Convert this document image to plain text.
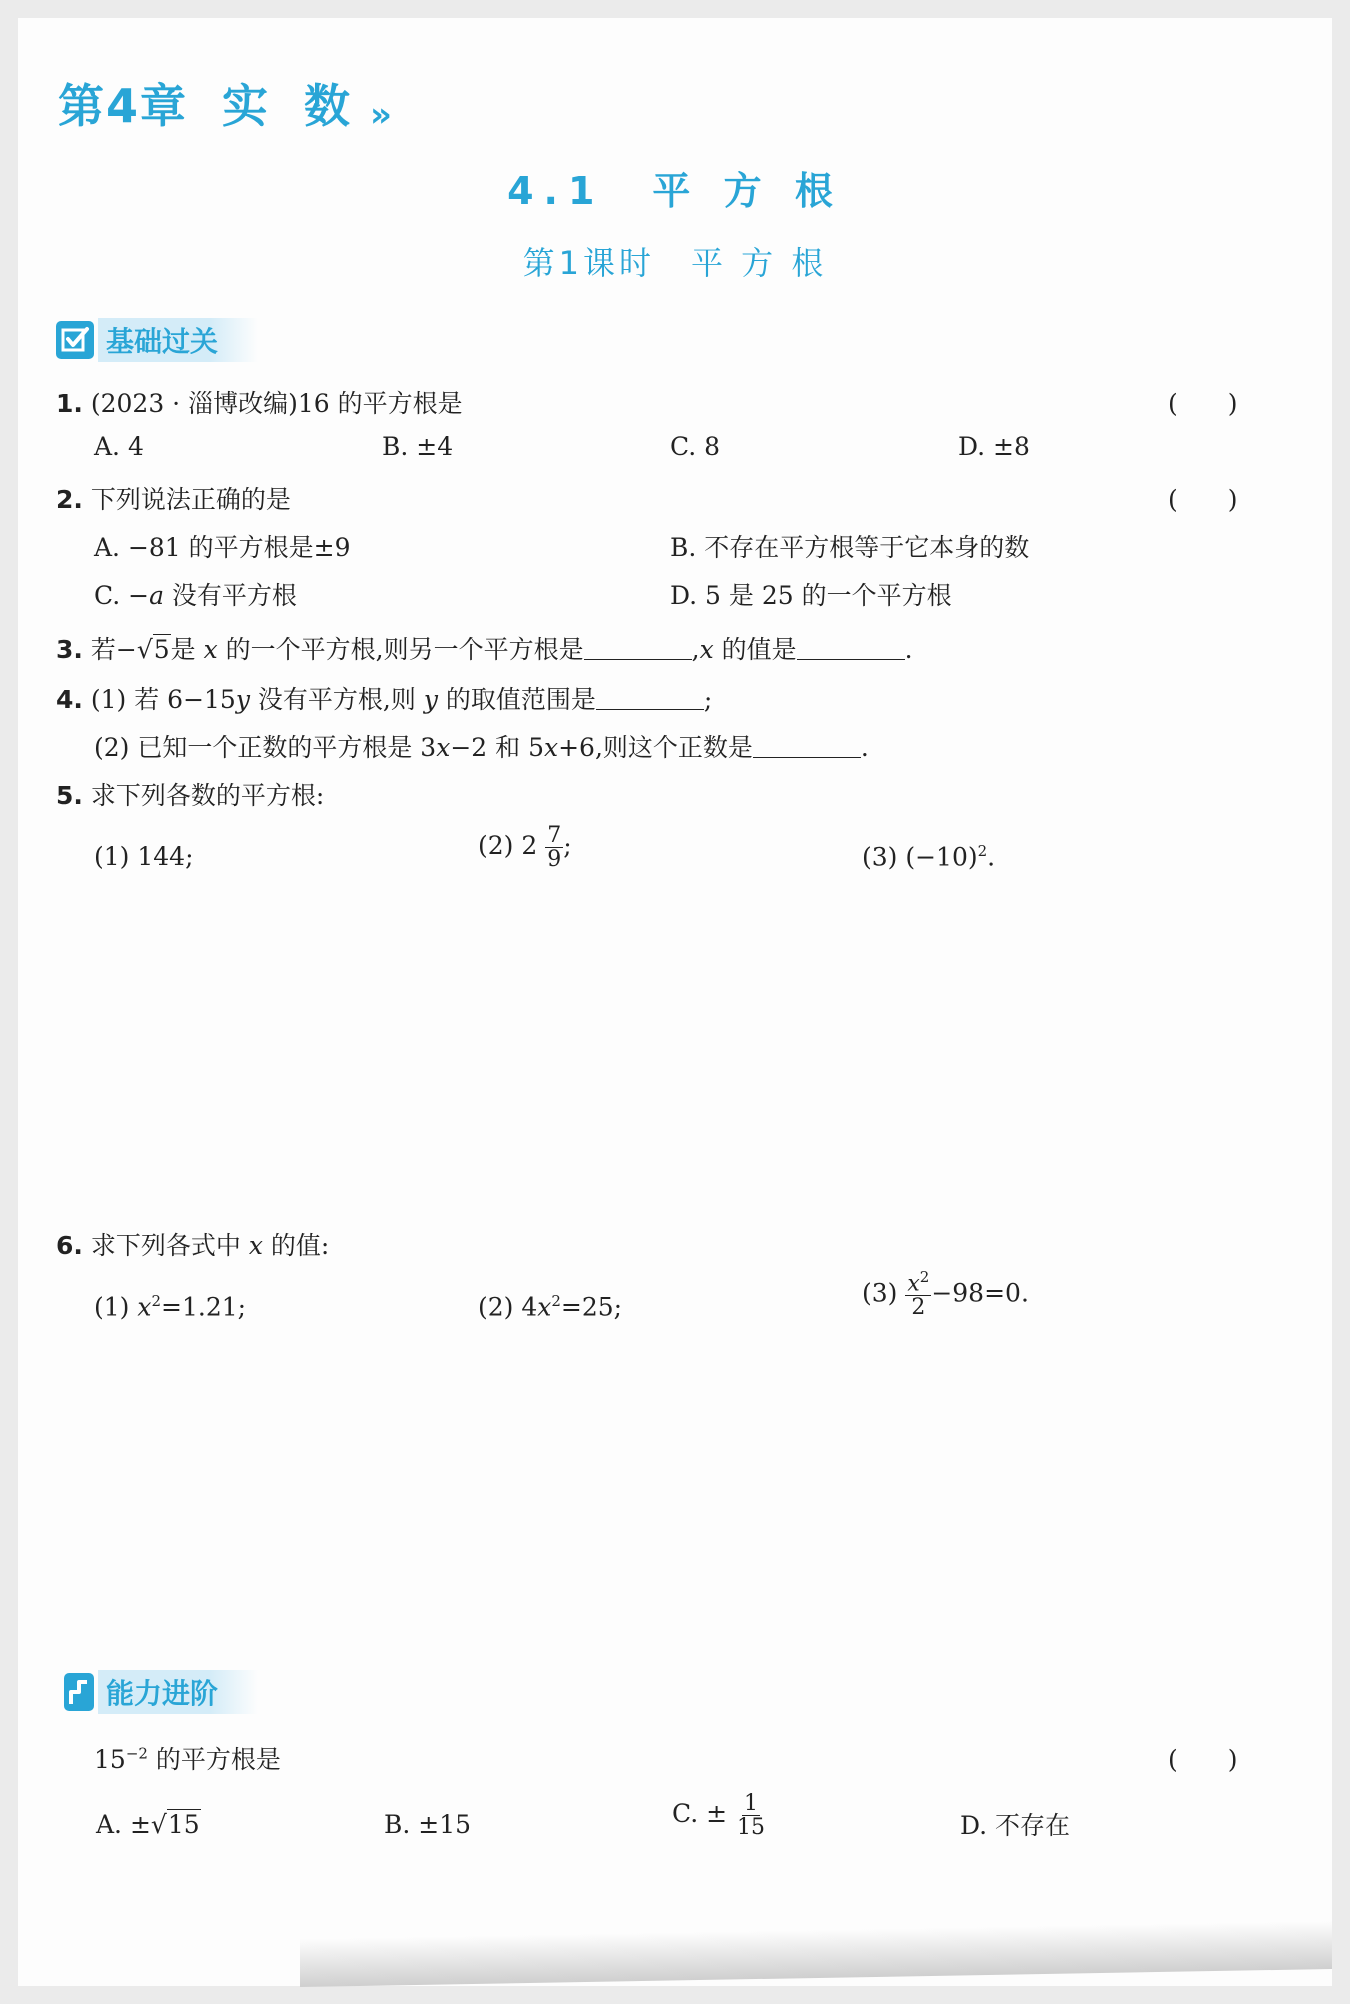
第4章 实 数 »
4.1　平 方 根
第1课时　平 方 根
基础过关
1. (2023 · 淄博改编)16 的平方根是	(　　)
A. 4	B. ±4	C. 8	D. ±8
2. 下列说法正确的是	(　　)
A. −81 的平方根是±9	B. 不存在平方根等于它本身的数
C. −a 没有平方根	D. 5 是 25 的一个平方根
3. 若−√5是 x 的一个平方根,则另一个平方根是	,x 的值是	.
4. (1) 若 6−15y 没有平方根,则 y 的取值范围是	;
(2) 已知一个正数的平方根是 3x−2 和 5x+6,则这个正数是	.
5. 求下列各数的平方根:
(1) 144;	(2) $2 \frac{7}{9}$ ;	(3) $(-10)^2$.
6. 求下列各式中 x 的值:
(1) $x^2=1.21$;	(2) $4x^2=25$;	$(3) \frac{x^2}{2} -98=0$.
能力进阶
$15^{-2}$ 的平方根是	(　　)
A. ±√15	B. ±15	C. ± $\frac{1}{15}$	D. 不存在
